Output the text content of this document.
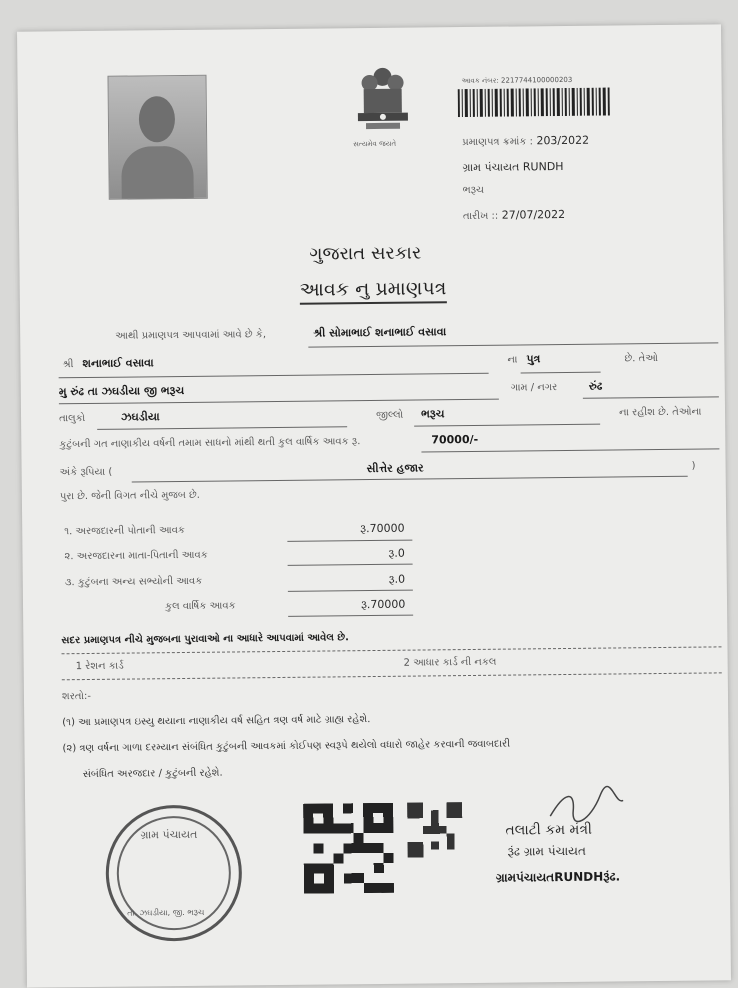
સત્યમેવ જયતે
આવક નંબર: 2217744100000203
પ્રમાણપત્ર ક્રમાંક : 203/2022
ગ્રામ પંચાયત RUNDH
ભરૂચ
તારીખ :: 27/07/2022
ગુજરાત સરકાર
આવક નુ પ્રમાણપત્ર
આથી પ્રમાણપત્ર આપવામાં આવે છે કે,	શ્રી સોમાભાઈ શનાભાઈ વસાવા
શ્રી શનાભાઈ વસાવા	ના પુત્ર	છે. તેઓ
મુ રુંઢ તા ઝઘડીયા જી ભરૂચ	ગામ / નગર	રુંઢ
તાલુકો	ઝઘડીયા	જીલ્લો ભરૂચ	ના રહીશ છે. તેઓના
કુટુંબની ગત નાણાકીય વર્ષની તમામ સાધનો માંથી થતી કુલ વાર્ષિક આવક રૂ.	70000/-
અંકે રૂપિયા (	સીત્તેર હજાર	)
પુરા છે. જેની વિગત નીચે મુજબ છે.
૧. અરજદારની પોતાની આવક	રૂ.70000
૨. અરજદારના માતા-પિતાની આવક	રૂ.0
૩. કુટુંબના અન્ય સભ્યોની આવક	રૂ.0
કુલ વાર્ષિક આવક	રૂ.70000
સદર પ્રમાણપત્ર નીચે મુજબના પુરાવાઓ ના આધારે આપવામાં આવેલ છે.
1 રેશન કાર્ડ	2 આધાર કાર્ડ ની નકલ
શરતો:-
(૧) આ પ્રમાણપત્ર ઇસ્યુ થયાના નાણાકીય વર્ષ સહિત ત્રણ વર્ષ માટે ગ્રાહ્ય રહેશે.
(૨) ત્રણ વર્ષના ગાળા દરમ્યાન સંબંધિત કુટુંબની આવકમાં કોઈપણ સ્વરૂપે થયેલો વધારો જાહેર કરવાની જવાબદારી
સંબંધિત અરજદાર / કુટુંબની રહેશે.
ગ્રામ પંચાયત
તા. ઝઘડીયા, જી. ભરૂચ
તલાટી કમ મંત્રી
રૂંઢ ગ્રામ પંચાયત
ગ્રામપંચાયતRUNDHરૂંઢ.
